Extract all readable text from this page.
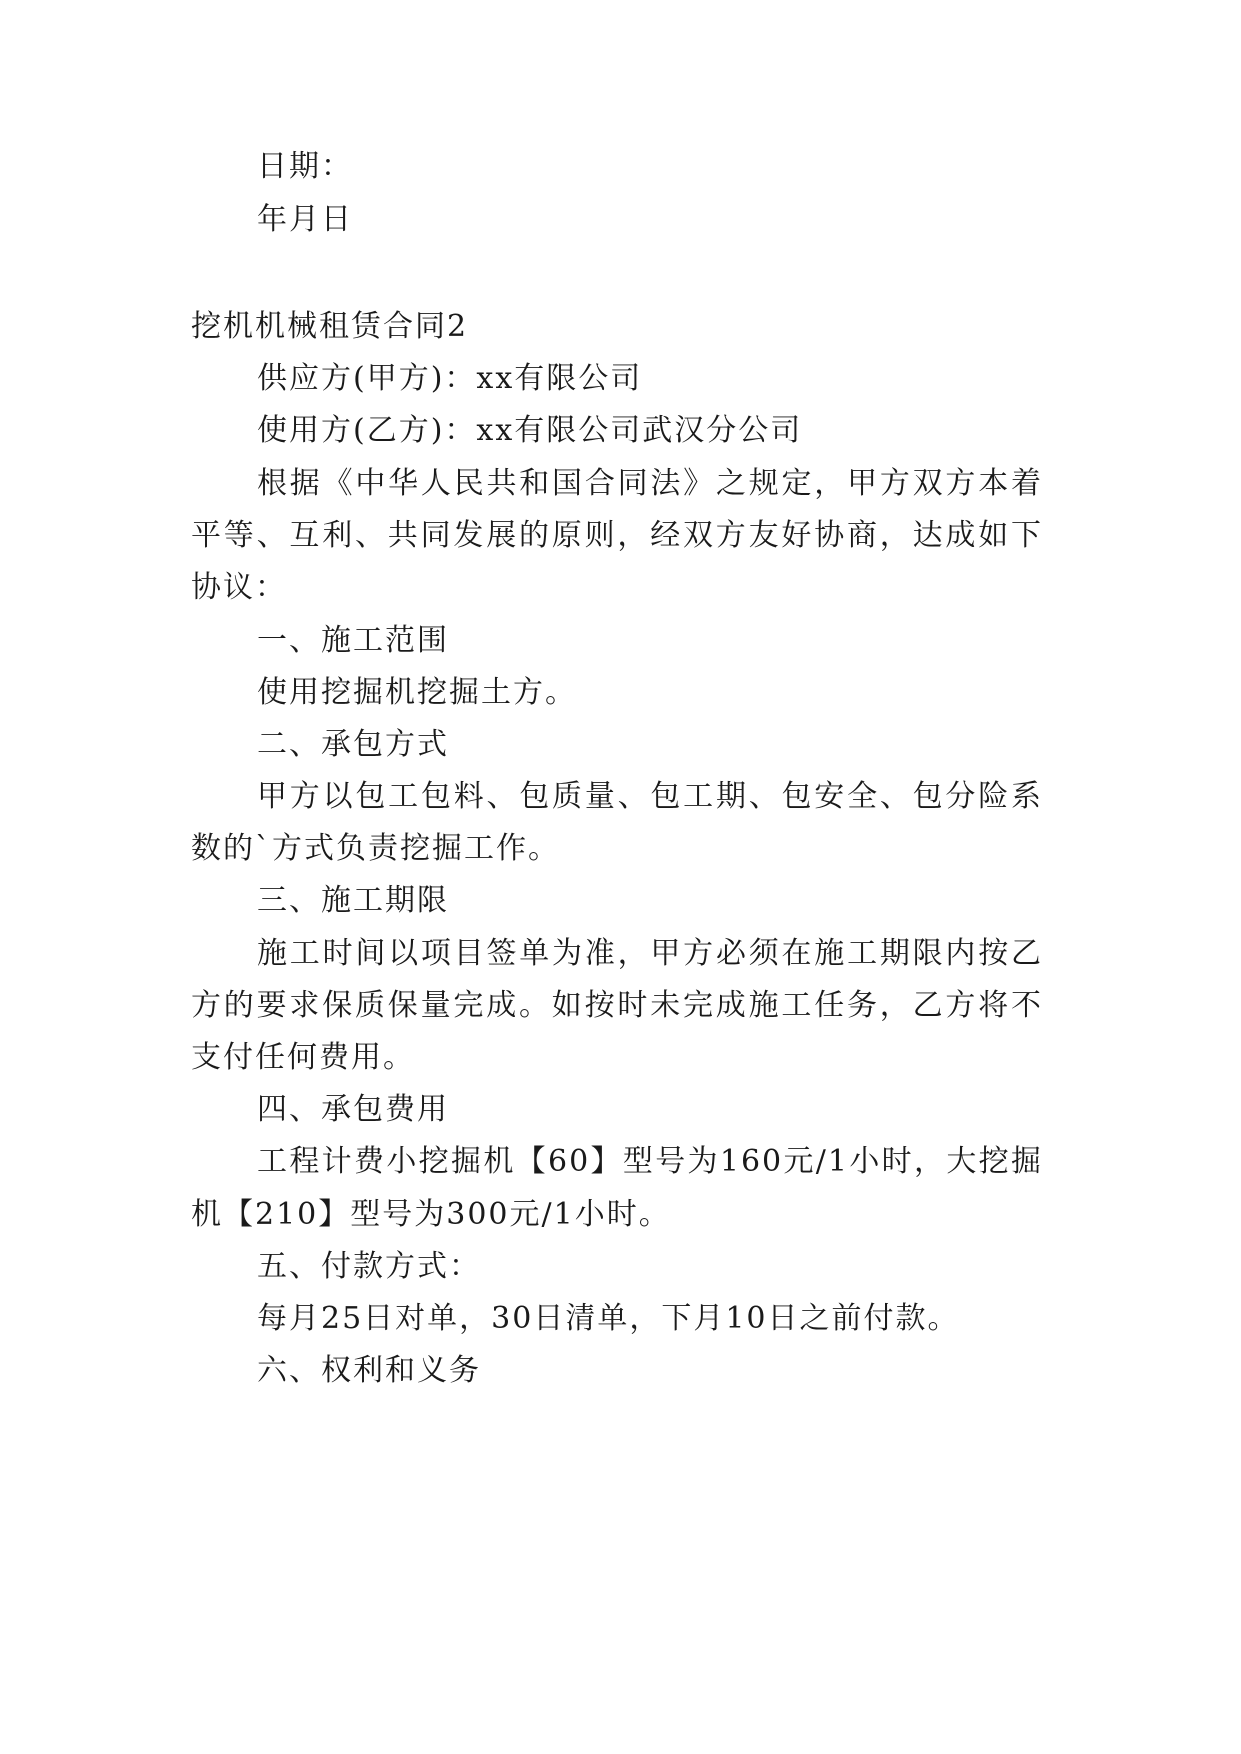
日期：
年月日
挖机机械租赁合同2
供应方(甲方)：xx有限公司
使用方(乙方)：xx有限公司武汉分公司
根据《中华人民共和国合同法》之规定，甲方双方本着
平等、互利、共同发展的原则，经双方友好协商，达成如下
协议：
一、施工范围
使用挖掘机挖掘土方。
二、承包方式
甲方以包工包料、包质量、包工期、包安全、包分险系
数的`方式负责挖掘工作。
三、施工期限
施工时间以项目签单为准，甲方必须在施工期限内按乙
方的要求保质保量完成。如按时未完成施工任务，乙方将不
支付任何费用。
四、承包费用
工程计费小挖掘机【60】型号为160元/1小时，大挖掘
机【210】型号为300元/1小时。
五、付款方式：
每月25日对单，30日清单，下月10日之前付款。
六、权利和义务
